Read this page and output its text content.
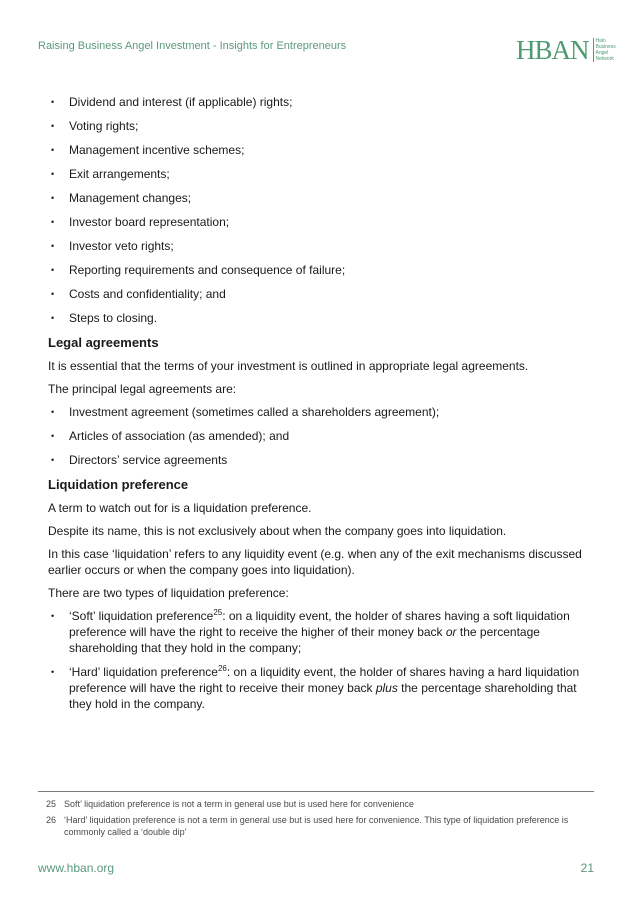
Raising Business Angel Investment - Insights for Entrepreneurs	HBAN Halo
Business
Angel
Network
• Dividend and interest (if applicable) rights;
• Voting rights;
• Management incentive schemes;
• Exit arrangements;
• Management changes;
• Investor board representation;
• Investor veto rights;
• Reporting requirements and consequence of failure;
• Costs and confidentiality; and
• Steps to closing.
Legal agreements
It is essential that the terms of your investment is outlined in appropriate legal agreements.
The principal legal agreements are:
• Investment agreement (sometimes called a shareholders agreement);
• Articles of association (as amended); and
• Directors’ service agreements
Liquidation preference
A term to watch out for is a liquidation preference.
Despite its name, this is not exclusively about when the company goes into liquidation.
In this case ‘liquidation’ refers to any liquidity event (e.g. when any of the exit mechanisms discussed earlier occurs or when the company goes into liquidation).
There are two types of liquidation preference:
• ‘Soft’ liquidation preference$^{25}$: on a liquidity event, the holder of shares having a soft liquidation preference will have the right to receive the higher of their money back or the percentage shareholding that they hold in the company;
• ‘Hard’ liquidation preference$^{26}$: on a liquidity event, the holder of shares having a hard liquidation preference will have the right to receive their money back plus the percentage shareholding that they hold in the company.
25 Soft’ liquidation preference is not a term in general use but is used here for convenience
26 ‘Hard’ liquidation preference is not a term in general use but is used here for convenience. This type of liquidation preference is commonly called a ‘double dip’
www.hban.org	21
